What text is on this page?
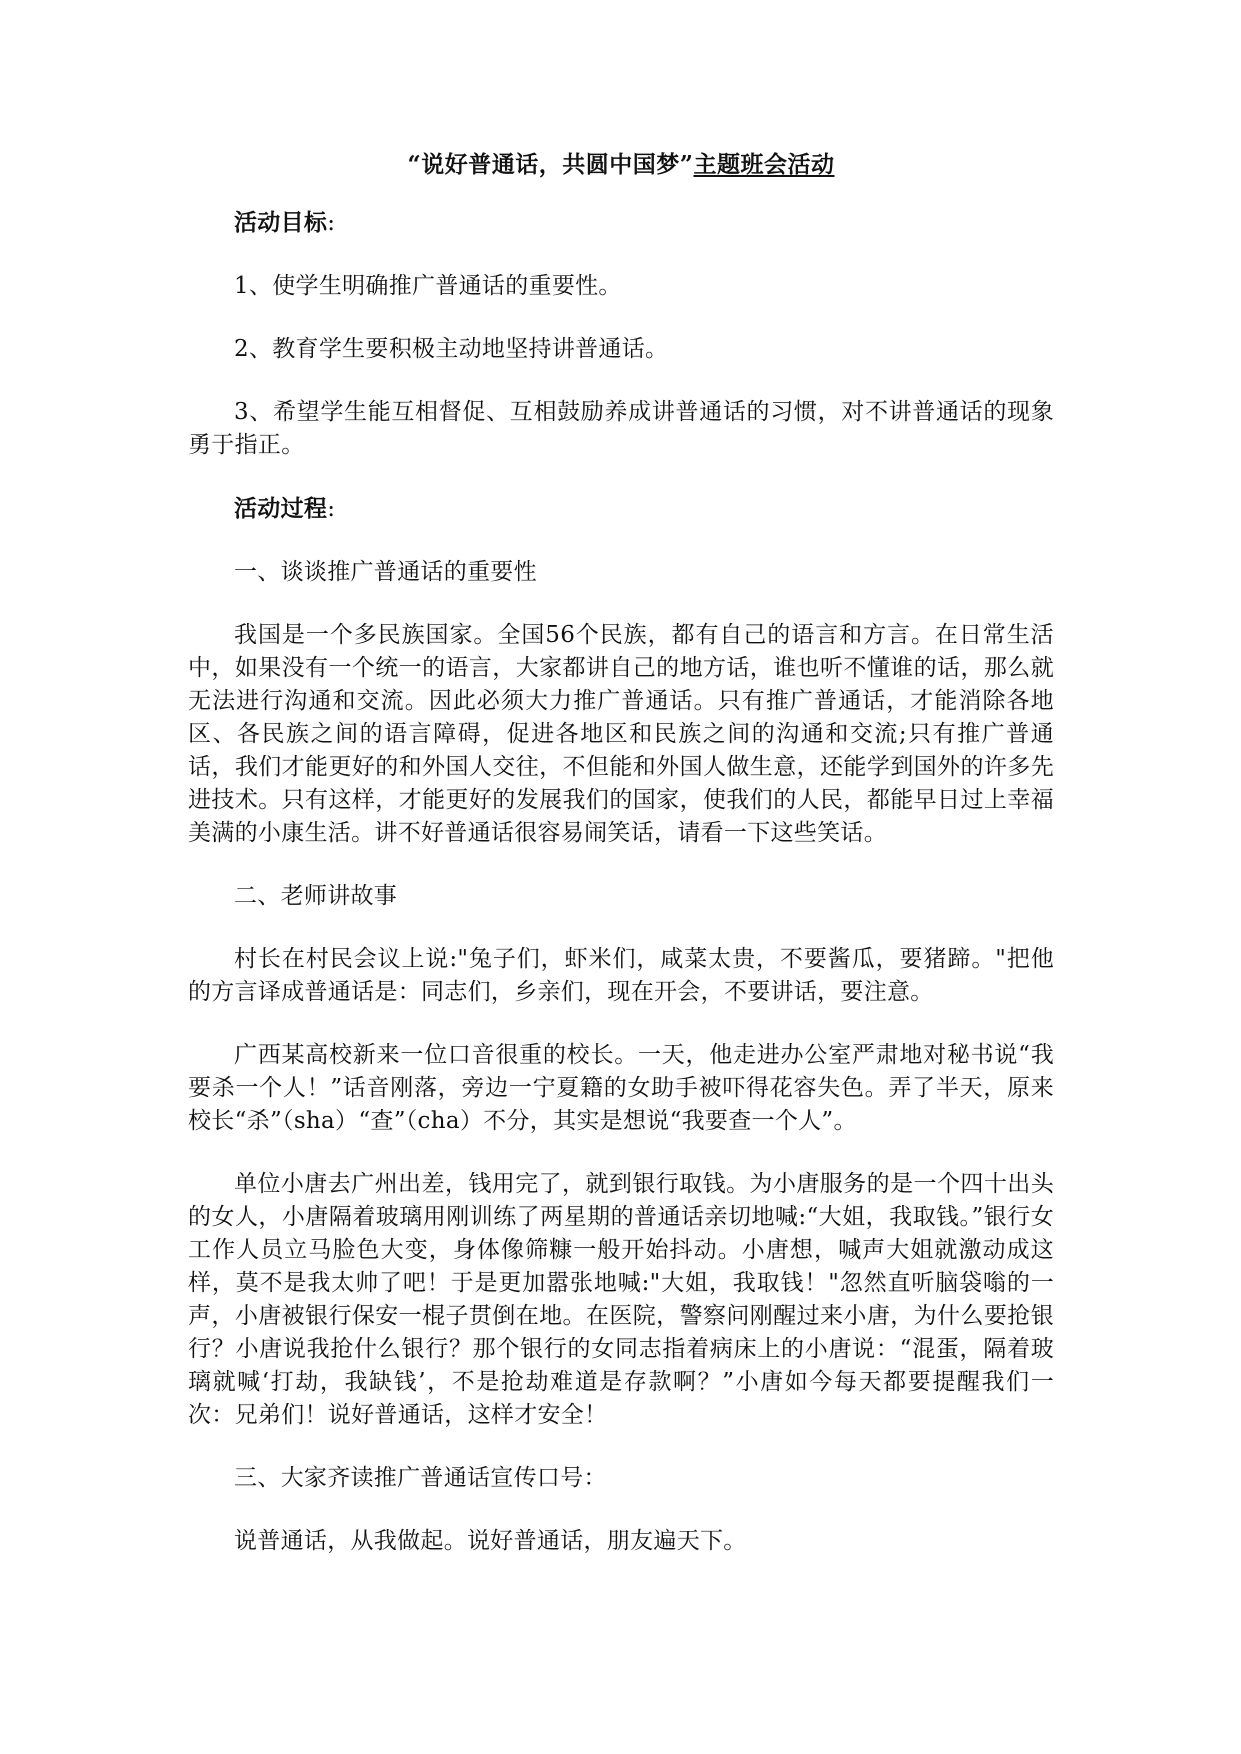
“说好普通话，共圆中国梦”主题班会活动

活动目标:

1、使学生明确推广普通话的重要性。

2、教育学生要积极主动地坚持讲普通话。

3、希望学生能互相督促、互相鼓励养成讲普通话的习惯，对不讲普通话的现象勇于指正。

活动过程:

一、谈谈推广普通话的重要性

我国是一个多民族国家。全国56个民族，都有自己的语言和方言。在日常生活中，如果没有一个统一的语言，大家都讲自己的地方话，谁也听不懂谁的话，那么就无法进行沟通和交流。因此必须大力推广普通话。只有推广普通话，才能消除各地区、各民族之间的语言障碍，促进各地区和民族之间的沟通和交流;只有推广普通话，我们才能更好的和外国人交往，不但能和外国人做生意，还能学到国外的许多先进技术。只有这样，才能更好的发展我们的国家，使我们的人民，都能早日过上幸福美满的小康生活。讲不好普通话很容易闹笑话，请看一下这些笑话。

二、老师讲故事

村长在村民会议上说:"兔子们，虾米们，咸菜太贵，不要酱瓜，要猪蹄。"把他的方言译成普通话是：同志们，乡亲们，现在开会，不要讲话，要注意。

广西某高校新来一位口音很重的校长。一天，他走进办公室严肃地对秘书说“我要杀一个人！”话音刚落，旁边一宁夏籍的女助手被吓得花容失色。弄了半天，原来校长“杀”（sha）“查”（cha）不分，其实是想说“我要查一个人”。

单位小唐去广州出差，钱用完了，就到银行取钱。为小唐服务的是一个四十出头的女人，小唐隔着玻璃用刚训练了两星期的普通话亲切地喊:“大姐，我取钱。”银行女工作人员立马脸色大变，身体像筛糠一般开始抖动。小唐想，喊声大姐就激动成这样，莫不是我太帅了吧！于是更加嚣张地喊:"大姐，我取钱！"忽然直听脑袋嗡的一声，小唐被银行保安一棍子贯倒在地。在医院，警察问刚醒过来小唐，为什么要抢银行？小唐说我抢什么银行？那个银行的女同志指着病床上的小唐说：“混蛋，隔着玻璃就喊‘打劫，我缺钱’，不是抢劫难道是存款啊？”小唐如今每天都要提醒我们一次：兄弟们！说好普通话，这样才安全！

三、大家齐读推广普通话宣传口号：

说普通话，从我做起。说好普通话，朋友遍天下。
